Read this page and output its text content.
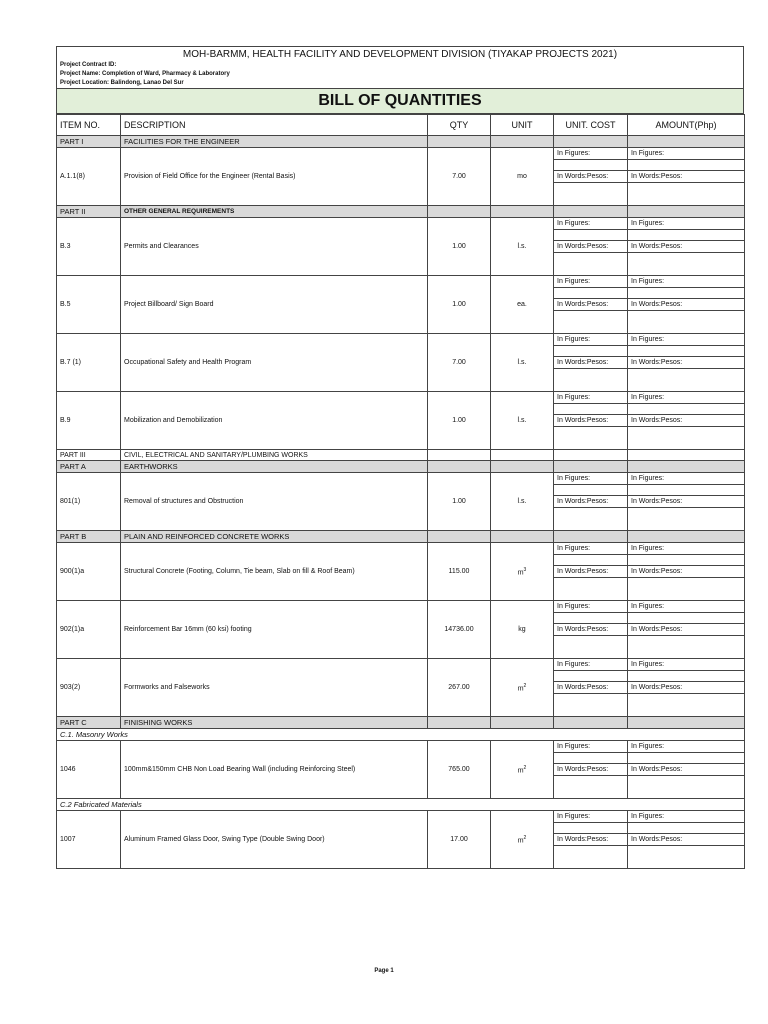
MOH-BARMM, HEALTH FACILITY AND DEVELOPMENT DIVISION (TIYAKAP PROJECTS 2021)
Project Contract ID:
Project Name: Completion of Ward, Pharmacy & Laboratory
Project Location: Balindong, Lanao Del Sur
BILL OF QUANTITIES
ITEM NO.	DESCRIPTION	QTY	UNIT	UNIT. COST	AMOUNT(Php)
PART I	FACILITIES FOR THE ENGINEER				
A.1.1(8)	Provision of Field Office for the Engineer (Rental Basis)	7.00	mo	In Figures:	In Figures:

				In Words:Pesos:	In Words:Pesos:

PART II	OTHER GENERAL REQUIREMENTS				
B.3	Permits and Clearances	1.00	l.s.	In Figures:	In Figures:

				In Words:Pesos:	In Words:Pesos:

B.5	Project Billboard/ Sign Board	1.00	ea.	In Figures:	In Figures:

				In Words:Pesos:	In Words:Pesos:

B.7 (1)	Occupational Safety and Health Program	7.00	l.s.	In Figures:	In Figures:

				In Words:Pesos:	In Words:Pesos:

B.9	Mobilization and Demobilization	1.00	l.s.	In Figures:	In Figures:

				In Words:Pesos:	In Words:Pesos:

PART III	CIVIL, ELECTRICAL AND SANITARY/PLUMBING WORKS				
PART A	EARTHWORKS				
801(1)	Removal of structures and Obstruction	1.00	l.s.	In Figures:	In Figures:

				In Words:Pesos:	In Words:Pesos:

PART B	PLAIN AND REINFORCED CONCRETE WORKS				
900(1)a	Structural Concrete (Footing, Column, Tie beam, Slab on fill & Roof Beam)	115.00	$m^3$	In Figures:	In Figures:

				In Words:Pesos:	In Words:Pesos:

902(1)a	Reinforcement Bar 16mm (60 ksi) footing	14736.00	kg	In Figures:	In Figures:

				In Words:Pesos:	In Words:Pesos:

903(2)	Formworks and Falseworks	267.00	$m^2$	In Figures:	In Figures:

				In Words:Pesos:	In Words:Pesos:

PART C	FINISHING WORKS				
C.1. Masonry Works					
1046	100mm&150mm CHB Non Load Bearing Wall (including Reinforcing Steel)	765.00	$m^2$	In Figures:	In Figures:

				In Words:Pesos:	In Words:Pesos:

C.2 Fabricated Materials					
1007	Aluminum Framed Glass Door, Swing Type (Double Swing Door)	17.00	$m^2$	In Figures:	In Figures:

				In Words:Pesos:	In Words:Pesos:

Page 1
